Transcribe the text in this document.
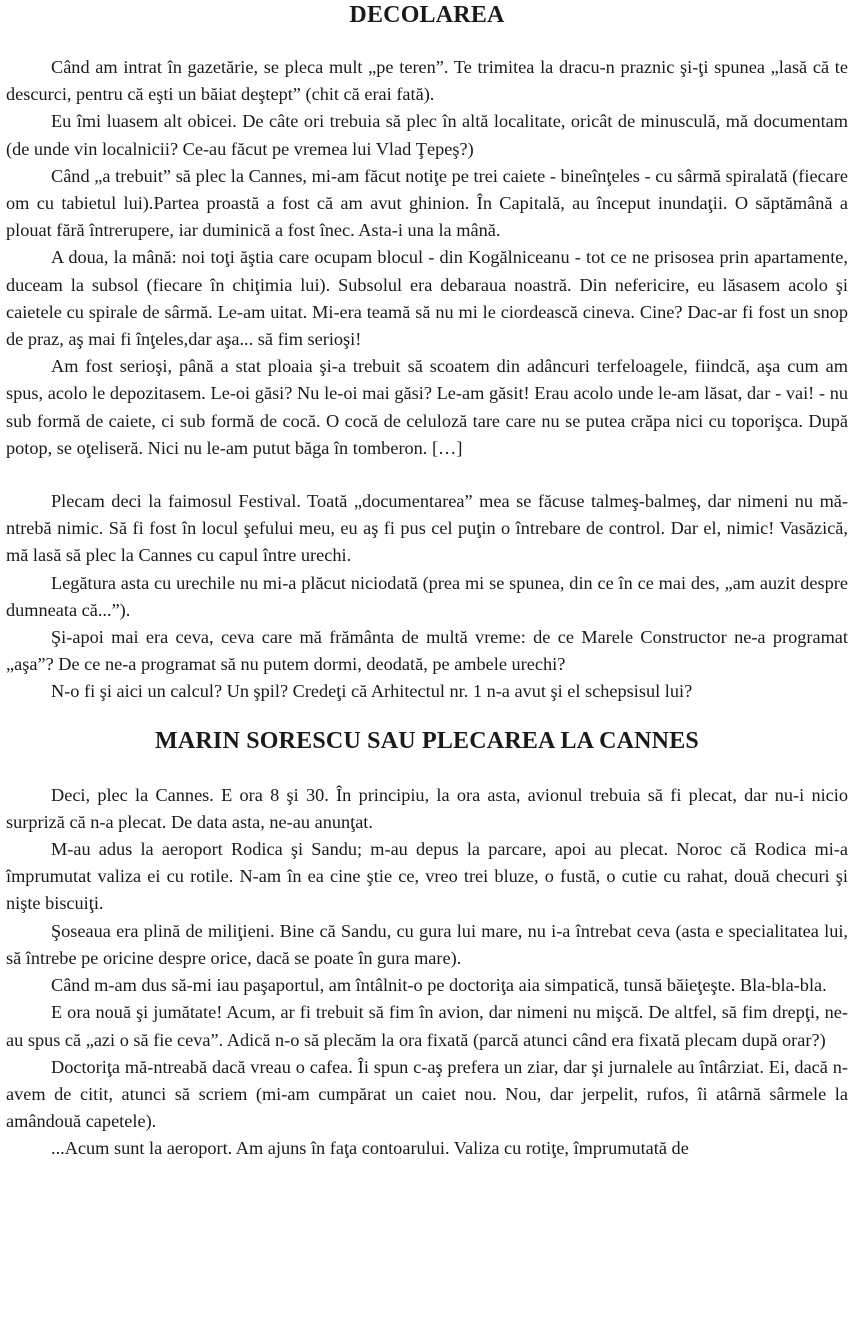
DECOLAREA

Când am intrat în gazetărie, se pleca mult „pe teren”. Te trimitea la dracu-n praznic şi-ţi spunea „lasă că te descurci, pentru că eşti un băiat deştept” (chit că erai fată).

Eu îmi luasem alt obicei. De câte ori trebuia să plec în altă localitate, oricât de minusculă, mă documentam (de unde vin localnicii? Ce-au făcut pe vremea lui Vlad Ţepeş?)

Când „a trebuit” să plec la Cannes, mi-am făcut notiţe pe trei caiete - bineînţeles - cu sârmă spiralată (fiecare om cu tabietul lui).Partea proastă a fost că am avut ghinion. În Capitală, au început inundaţii. O săptămână a plouat fără întrerupere, iar duminică a fost înec. Asta-i una la mână.

A doua, la mână: noi toţi ăştia care ocupam blocul - din Kogălniceanu - tot ce ne prisosea prin apartamente, duceam la subsol (fiecare în chiţimia lui). Subsolul era debaraua noastră. Din nefericire, eu lăsasem acolo şi caietele cu spirale de sârmă. Le-am uitat. Mi-era teamă să nu mi le ciordească cineva. Cine? Dac-ar fi fost un snop de praz, aş mai fi înţeles,dar aşa... să fim serioşi!

Am fost serioşi, până a stat ploaia şi-a trebuit să scoatem din adâncuri terfeloagele, fiindcă, aşa cum am spus, acolo le depozitasem. Le-oi găsi? Nu le-oi mai găsi? Le-am găsit! Erau acolo unde le-am lăsat, dar - vai! - nu sub formă de caiete, ci sub formă de cocă. O cocă de celuloză tare care nu se putea crăpa nici cu toporişca. După potop, se oţeliseră. Nici nu le-am putut băga în tomberon. […]

Plecam deci la faimosul Festival. Toată „documentarea” mea se făcuse talmeş-balmeş, dar nimeni nu mă-ntrebă nimic. Să fi fost în locul şefului meu, eu aş fi pus cel puţin o întrebare de control. Dar el, nimic! Vasăzică, mă lasă să plec la Cannes cu capul între urechi.

Legătura asta cu urechile nu mi-a plăcut niciodată (prea mi se spunea, din ce în ce mai des, „am auzit despre dumneata că...”).

Şi-apoi mai era ceva, ceva care mă frământa de multă vreme: de ce Marele Constructor ne-a programat „aşa”? De ce ne-a programat să nu putem dormi, deodată, pe ambele urechi?

N-o fi şi aici un calcul? Un şpil? Credeţi că Arhitectul nr. 1 n-a avut şi el schepsisul lui?

MARIN SORESCU SAU PLECAREA LA CANNES

Deci, plec la Cannes. E ora 8 şi 30. În principiu, la ora asta, avionul trebuia să fi plecat, dar nu-i nicio surpriză că n-a plecat. De data asta, ne-au anunţat.

M-au adus la aeroport Rodica şi Sandu; m-au depus la parcare, apoi au plecat. Noroc că Rodica mi-a împrumutat valiza ei cu rotile. N-am în ea cine ştie ce, vreo trei bluze, o fustă, o cutie cu rahat, două checuri şi nişte biscuiţi.

Şoseaua era plină de miliţieni. Bine că Sandu, cu gura lui mare, nu i-a întrebat ceva (asta e specialitatea lui, să întrebe pe oricine despre orice, dacă se poate în gura mare).

Când m-am dus să-mi iau paşaportul, am întâlnit-o pe doctoriţa aia simpatică, tunsă băieţeşte. Bla-bla-bla.

E ora nouă şi jumătate! Acum, ar fi trebuit să fim în avion, dar nimeni nu mişcă. De altfel, să fim drepţi, ne-au spus că „azi o să fie ceva”. Adică n-o să plecăm la ora fixată (parcă atunci când era fixată plecam după orar?)

Doctoriţa mă-ntreabă dacă vreau o cafea. Îi spun c-aş prefera un ziar, dar şi jurnalele au întârziat. Ei, dacă n-avem de citit, atunci să scriem (mi-am cumpărat un caiet nou. Nou, dar jerpelit, rufos, îi atârnă sârmele la amândouă capetele).

...Acum sunt la aeroport. Am ajuns în faţa contoarului. Valiza cu rotiţe, împrumutată de
